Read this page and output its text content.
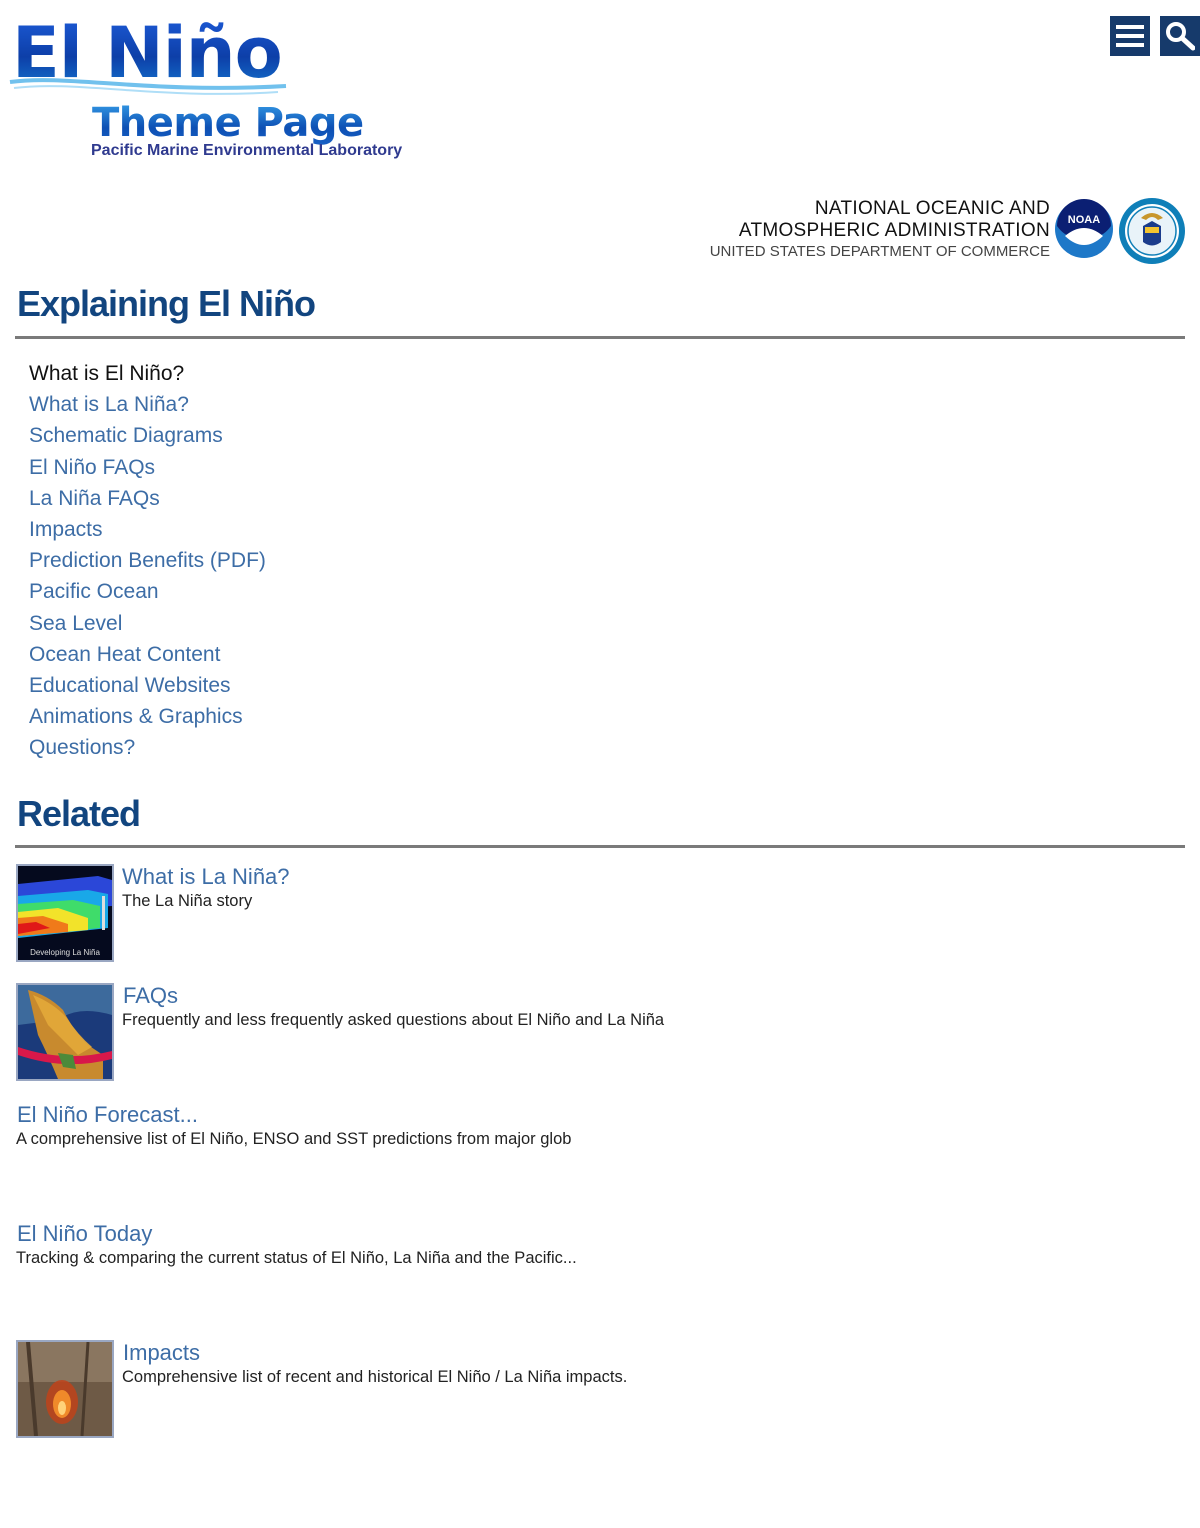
El Niño
Theme Page
Pacific Marine Environmental Laboratory
NATIONAL OCEANIC AND
ATMOSPHERIC ADMINISTRATION
UNITED STATES DEPARTMENT OF COMMERCE
NOAA
Explaining El Niño
What is El Niño?
What is La Niña?
Schematic Diagrams
El Niño FAQs
La Niña FAQs
Impacts
Prediction Benefits (PDF)
Pacific Ocean
Sea Level
Ocean Heat Content
Educational Websites
Animations & Graphics
Questions?
Related
Developing La Niña
What is La Niña?
The La Niña story
FAQs
Frequently and less frequently asked questions about El Niño and La Niña
El Niño Forecast...
A comprehensive list of El Niño, ENSO and SST predictions from major glob
El Niño Today
Tracking & comparing the current status of El Niño, La Niña and the Pacific...
Impacts
Comprehensive list of recent and historical El Niño / La Niña impacts.
